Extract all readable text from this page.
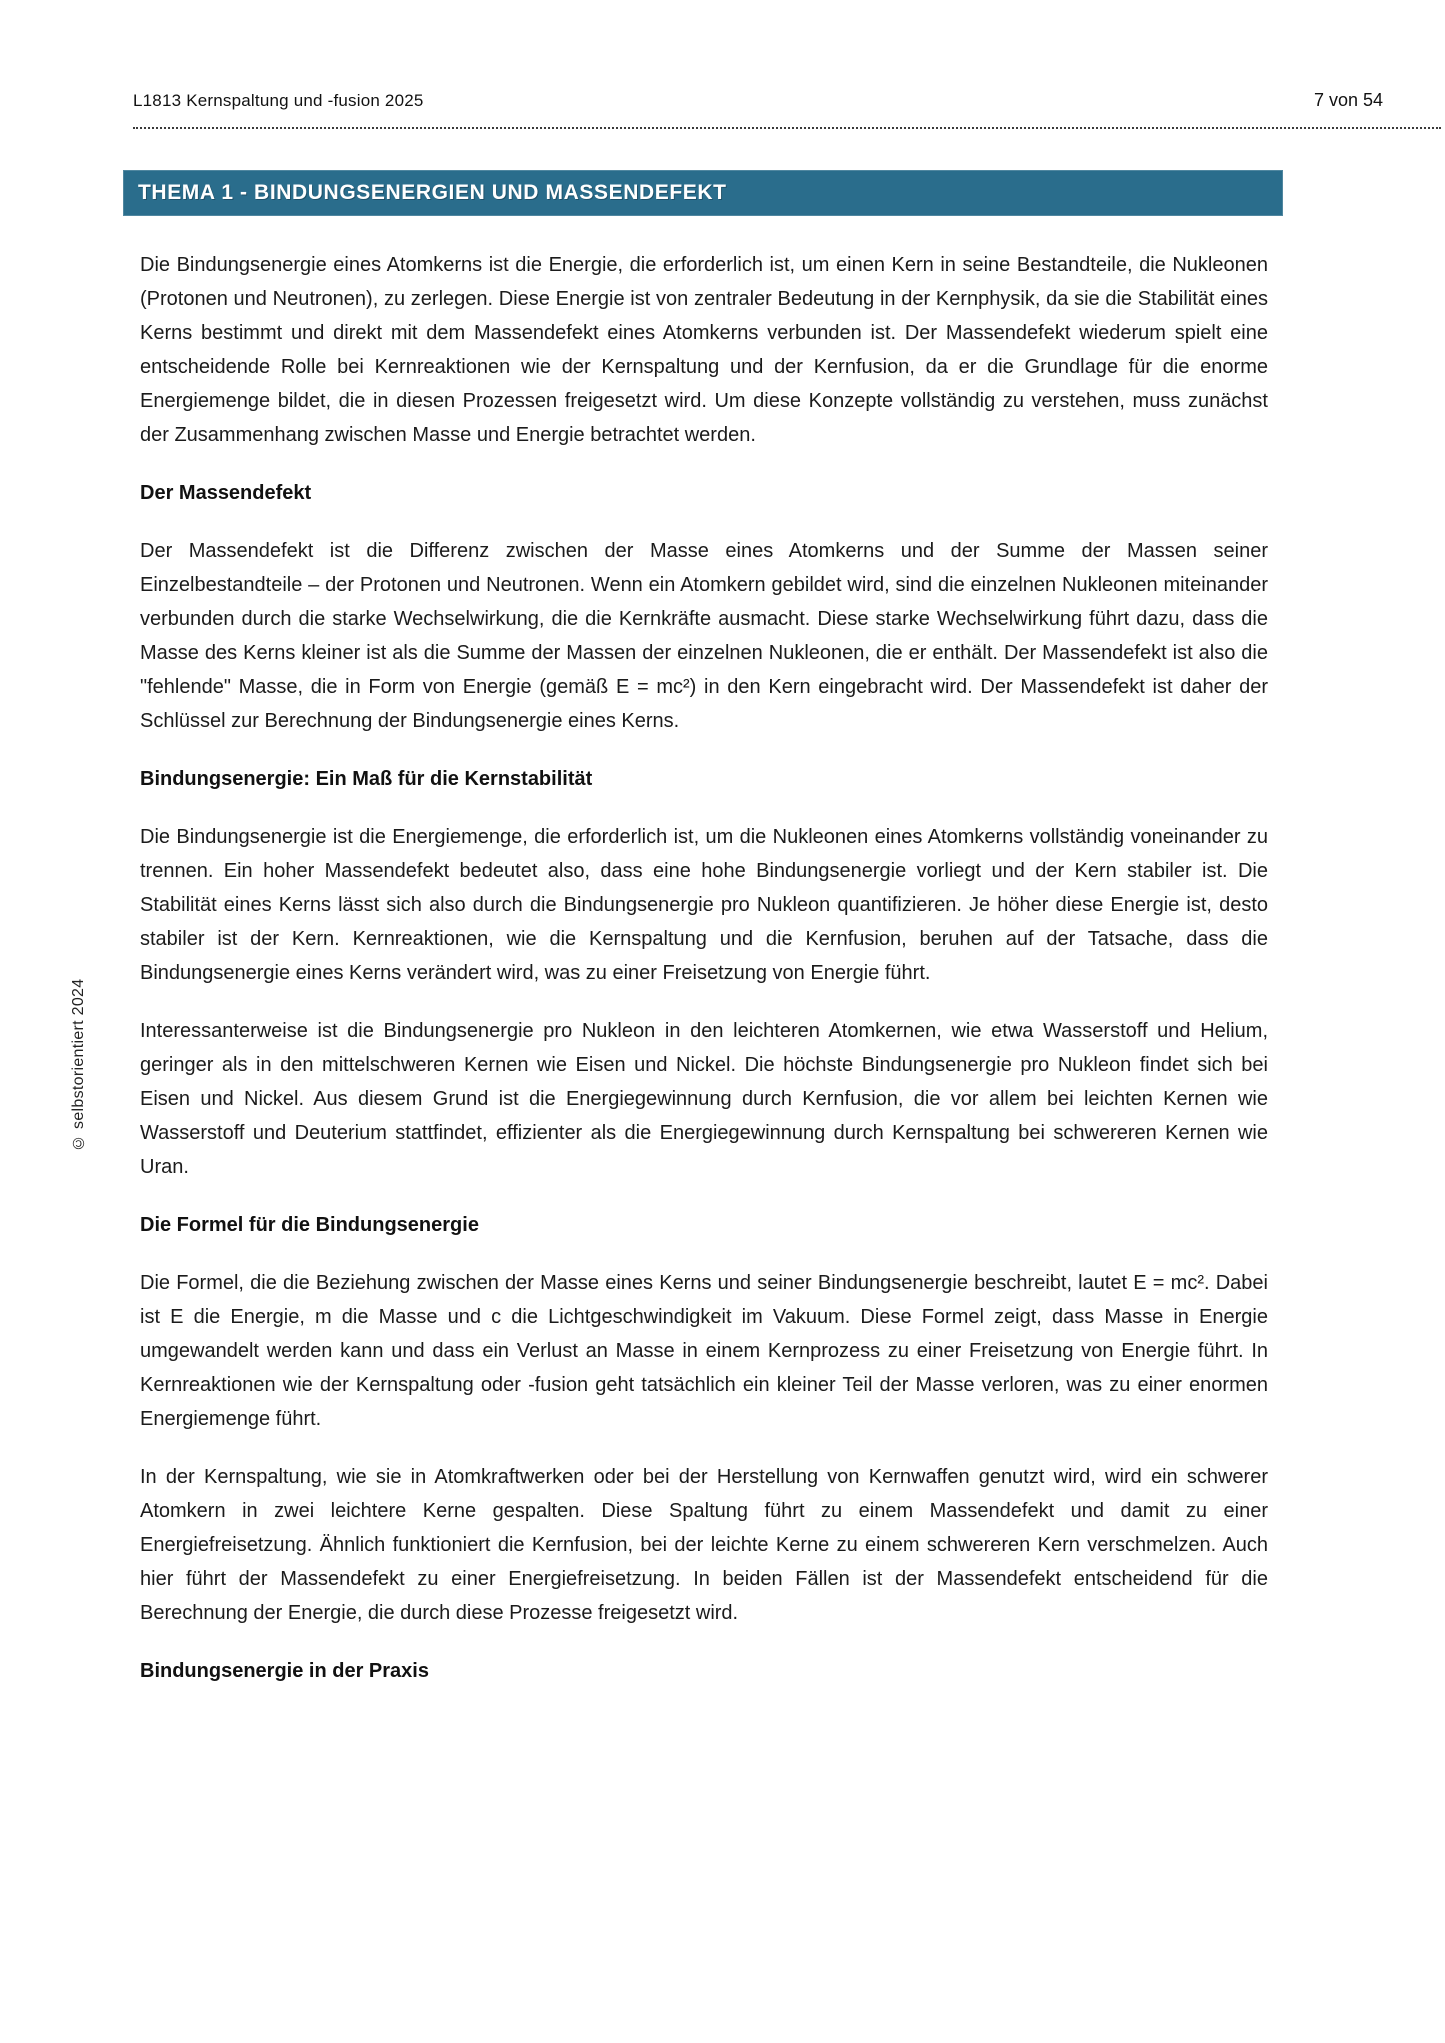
L1813 Kernspaltung und -fusion 2025	7 von 54
THEMA 1 - BINDUNGSENERGIEN UND MASSENDEFEKT
© selbstorientiert 2024

Die Bindungsenergie eines Atomkerns ist die Energie, die erforderlich ist, um einen Kern in seine Bestandteile, die Nukleonen (Protonen und Neutronen), zu zerlegen. Diese Energie ist von zentraler Bedeutung in der Kernphysik, da sie die Stabilität eines Kerns bestimmt und direkt mit dem Massendefekt eines Atomkerns verbunden ist. Der Massendefekt wiederum spielt eine entscheidende Rolle bei Kernreaktionen wie der Kernspaltung und der Kernfusion, da er die Grundlage für die enorme Energiemenge bildet, die in diesen Prozessen freigesetzt wird. Um diese Konzepte vollständig zu verstehen, muss zunächst der Zusammenhang zwischen Masse und Energie betrachtet werden.

Der Massendefekt

Der Massendefekt ist die Differenz zwischen der Masse eines Atomkerns und der Summe der Massen seiner Einzelbestandteile – der Protonen und Neutronen. Wenn ein Atomkern gebildet wird, sind die einzelnen Nukleonen miteinander verbunden durch die starke Wechselwirkung, die die Kernkräfte ausmacht. Diese starke Wechselwirkung führt dazu, dass die Masse des Kerns kleiner ist als die Summe der Massen der einzelnen Nukleonen, die er enthält. Der Massendefekt ist also die "fehlende" Masse, die in Form von Energie (gemäß E = mc²) in den Kern eingebracht wird. Der Massendefekt ist daher der Schlüssel zur Berechnung der Bindungsenergie eines Kerns.

Bindungsenergie: Ein Maß für die Kernstabilität

Die Bindungsenergie ist die Energiemenge, die erforderlich ist, um die Nukleonen eines Atomkerns vollständig voneinander zu trennen. Ein hoher Massendefekt bedeutet also, dass eine hohe Bindungsenergie vorliegt und der Kern stabiler ist. Die Stabilität eines Kerns lässt sich also durch die Bindungsenergie pro Nukleon quantifizieren. Je höher diese Energie ist, desto stabiler ist der Kern. Kernreaktionen, wie die Kernspaltung und die Kernfusion, beruhen auf der Tatsache, dass die Bindungsenergie eines Kerns verändert wird, was zu einer Freisetzung von Energie führt.

Interessanterweise ist die Bindungsenergie pro Nukleon in den leichteren Atomkernen, wie etwa Wasserstoff und Helium, geringer als in den mittelschweren Kernen wie Eisen und Nickel. Die höchste Bindungsenergie pro Nukleon findet sich bei Eisen und Nickel. Aus diesem Grund ist die Energiegewinnung durch Kernfusion, die vor allem bei leichten Kernen wie Wasserstoff und Deuterium stattfindet, effizienter als die Energiegewinnung durch Kernspaltung bei schwereren Kernen wie Uran.

Die Formel für die Bindungsenergie

Die Formel, die die Beziehung zwischen der Masse eines Kerns und seiner Bindungsenergie beschreibt, lautet E = mc². Dabei ist E die Energie, m die Masse und c die Lichtgeschwindigkeit im Vakuum. Diese Formel zeigt, dass Masse in Energie umgewandelt werden kann und dass ein Verlust an Masse in einem Kernprozess zu einer Freisetzung von Energie führt. In Kernreaktionen wie der Kernspaltung oder -fusion geht tatsächlich ein kleiner Teil der Masse verloren, was zu einer enormen Energiemenge führt.

In der Kernspaltung, wie sie in Atomkraftwerken oder bei der Herstellung von Kernwaffen genutzt wird, wird ein schwerer Atomkern in zwei leichtere Kerne gespalten. Diese Spaltung führt zu einem Massendefekt und damit zu einer Energiefreisetzung. Ähnlich funktioniert die Kernfusion, bei der leichte Kerne zu einem schwereren Kern verschmelzen. Auch hier führt der Massendefekt zu einer Energiefreisetzung. In beiden Fällen ist der Massendefekt entscheidend für die Berechnung der Energie, die durch diese Prozesse freigesetzt wird.

Bindungsenergie in der Praxis
